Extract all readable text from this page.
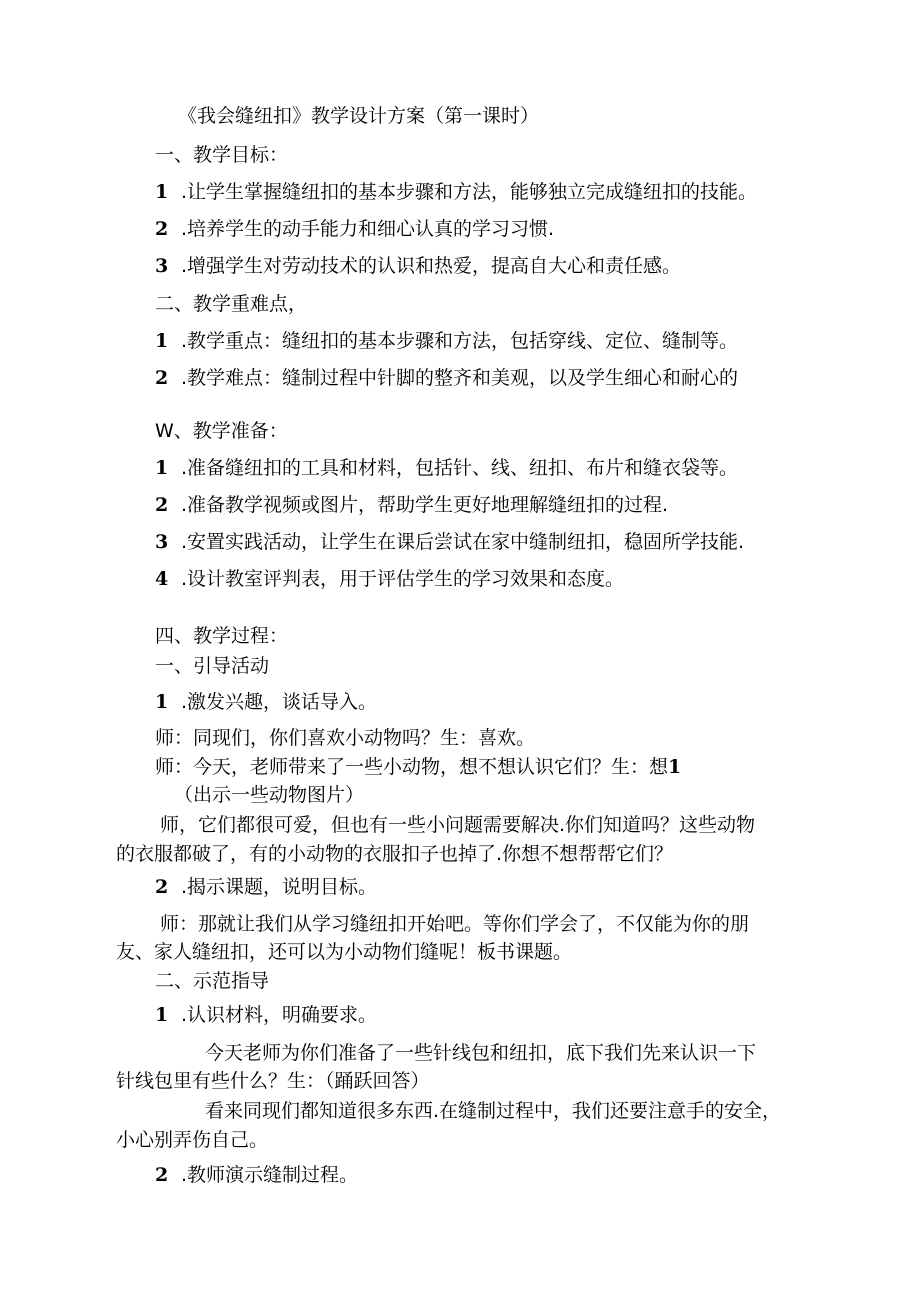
《我会缝纽扣》教学设计方案（第一课时）
一、教学目标：
1 .让学生掌握缝纽扣的基本步骤和方法，能够独立完成缝纽扣的技能。
2 .培养学生的动手能力和细心认真的学习习惯.
3 .增强学生对劳动技术的认识和热爱，提高自大心和责任感。
二、教学重难点，
1 .教学重点：缝纽扣的基本步骤和方法，包括穿线、定位、缝制等。
2 .教学难点：缝制过程中针脚的整齐和美观，以及学生细心和耐心的
W、教学准备：
1 .准备缝纽扣的工具和材料，包括针、线、纽扣、布片和缝衣袋等。
2 .准备教学视频或图片，帮助学生更好地理解缝纽扣的过程.
3 .安置实践活动，让学生在课后尝试在家中缝制纽扣，稳固所学技能.
4 .设计教室评判表，用于评估学生的学习效果和态度。
四、教学过程：
一、引导活动
1 .激发兴趣，谈话导入。
师：同现们，你们喜欢小动物吗？生：喜欢。
师：今天，老师带来了一些小动物，想不想认识它们？生：想1
（出示一些动物图片）
师，它们都很可爱，但也有一些小问题需要解决.你们知道吗？这些动物
的衣服都破了，有的小动物的衣服扣子也掉了.你想不想帮帮它们？
2 .揭示课题，说明目标。
师：那就让我们从学习缝纽扣开始吧。等你们学会了，不仅能为你的朋
友、家人缝纽扣，还可以为小动物们缝呢！板书课题。
二、示范指导
1 .认识材料，明确要求。
今天老师为你们准备了一些针线包和纽扣，底下我们先来认识一下
针线包里有些什么？生：（踊跃回答）
看来同现们都知道很多东西.在缝制过程中，我们还要注意手的安全，
小心别弄伤自己。
2 .教师演示缝制过程。
